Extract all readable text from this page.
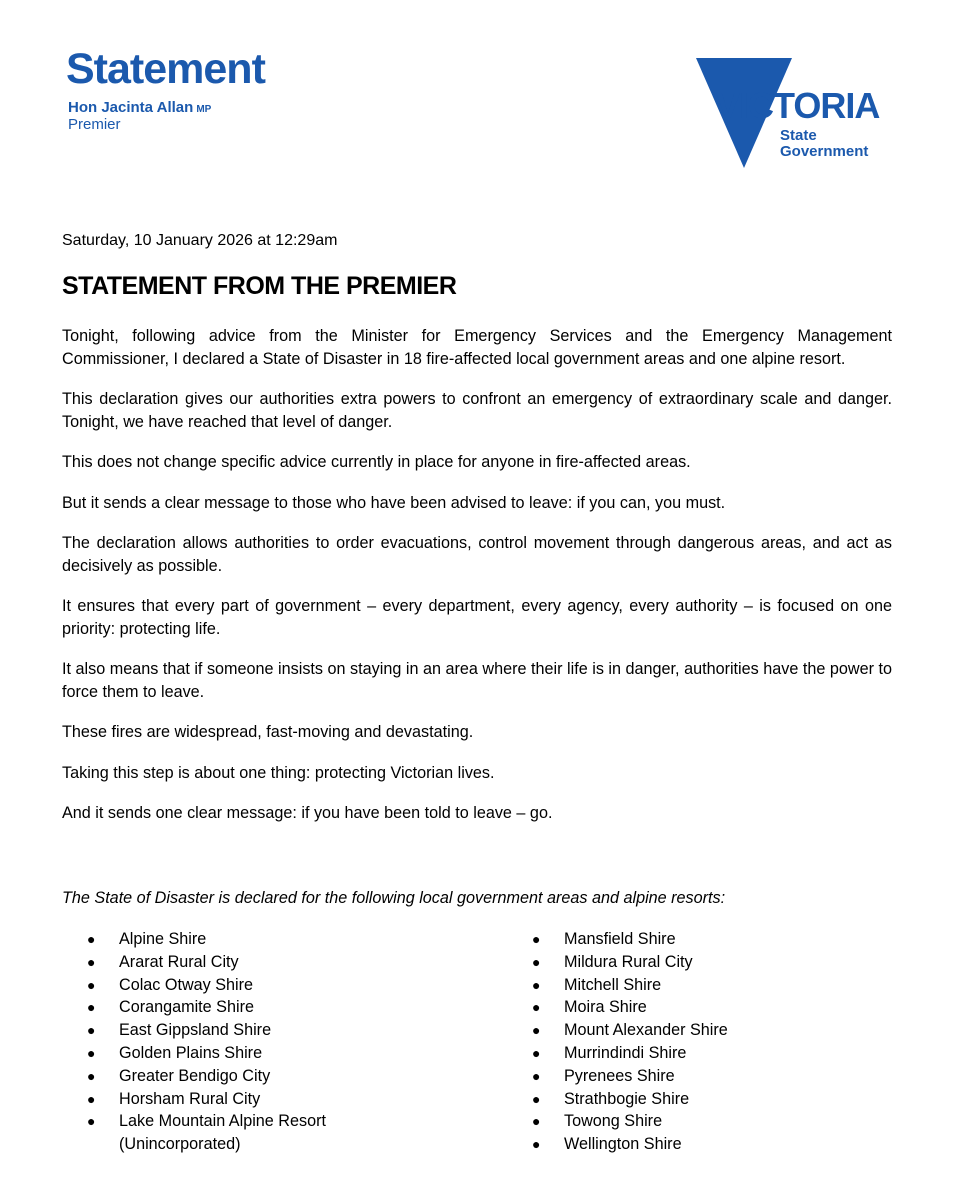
Statement
Hon Jacinta Allan MP
Premier	VICTORIA
State
Government
Saturday, 10 January 2026 at 12:29am
STATEMENT FROM THE PREMIER

Tonight, following advice from the Minister for Emergency Services and the Emergency Management Commissioner, I declared a State of Disaster in 18 fire-affected local government areas and one alpine resort.

This declaration gives our authorities extra powers to confront an emergency of extraordinary scale and danger. Tonight, we have reached that level of danger.

This does not change specific advice currently in place for anyone in fire-affected areas.

But it sends a clear message to those who have been advised to leave: if you can, you must.

The declaration allows authorities to order evacuations, control movement through dangerous areas, and act as decisively as possible.

It ensures that every part of government – every department, every agency, every authority – is focused on one priority: protecting life.

It also means that if someone insists on staying in an area where their life is in danger, authorities have the power to force them to leave.

These fires are widespread, fast-moving and devastating.

Taking this step is about one thing: protecting Victorian lives.

And it sends one clear message: if you have been told to leave – go.

The State of Disaster is declared for the following local government areas and alpine resorts:
● Alpine Shire
● Ararat Rural City
● Colac Otway Shire
● Corangamite Shire
● East Gippsland Shire
● Golden Plains Shire
● Greater Bendigo City
● Horsham Rural City
● Lake Mountain Alpine Resort (Unincorporated)
● Mansfield Shire
● Mildura Rural City
● Mitchell Shire
● Moira Shire
● Mount Alexander Shire
● Murrindindi Shire
● Pyrenees Shire
● Strathbogie Shire
● Towong Shire
● Wellington Shire
